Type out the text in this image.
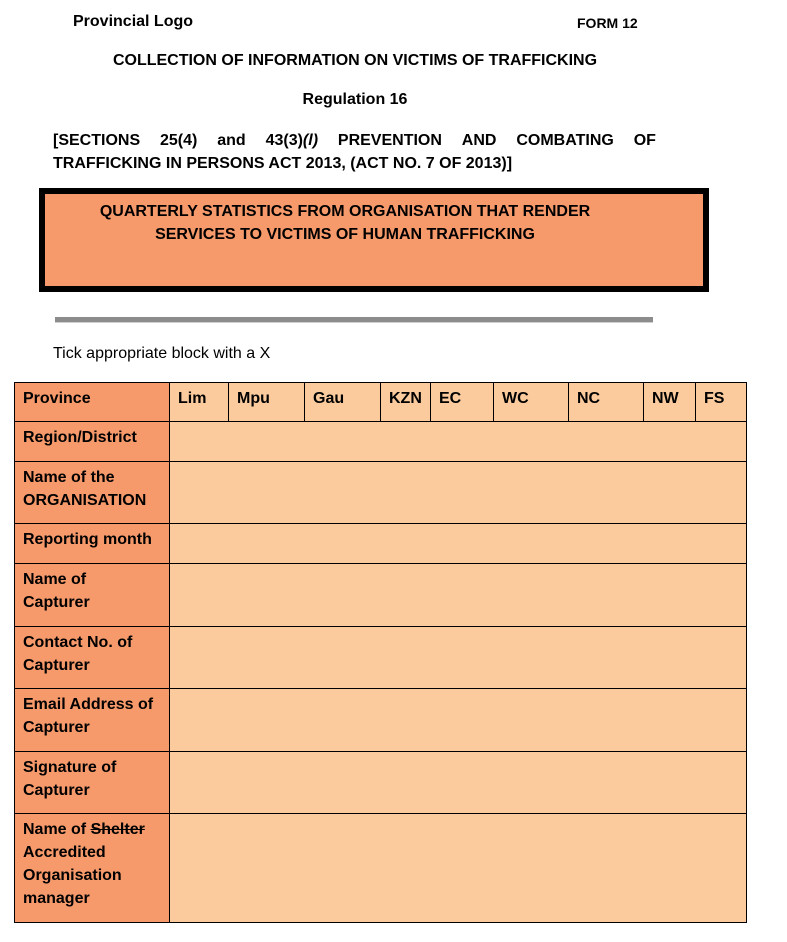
Provincial Logo	FORM 12
COLLECTION OF INFORMATION ON VICTIMS OF TRAFFICKING
Regulation 16
[SECTIONS 25(4) and 43(3)(l) PREVENTION AND COMBATING OF
TRAFFICKING IN PERSONS ACT 2013, (ACT NO. 7 OF 2013)]
QUARTERLY STATISTICS FROM ORGANISATION THAT RENDER
SERVICES TO VICTIMS OF HUMAN TRAFFICKING
Tick appropriate block with a X
Province	Lim	Mpu	Gau	KZN	EC	WC	NC	NW	FS
Region/District									

Name of the
ORGANISATION									

Reporting month									

Name of
Capturer									

Contact No. of
Capturer									

Email Address of
Capturer									

Signature of
Capturer									

Name of Shelter
Accredited
Organisation
manager									
